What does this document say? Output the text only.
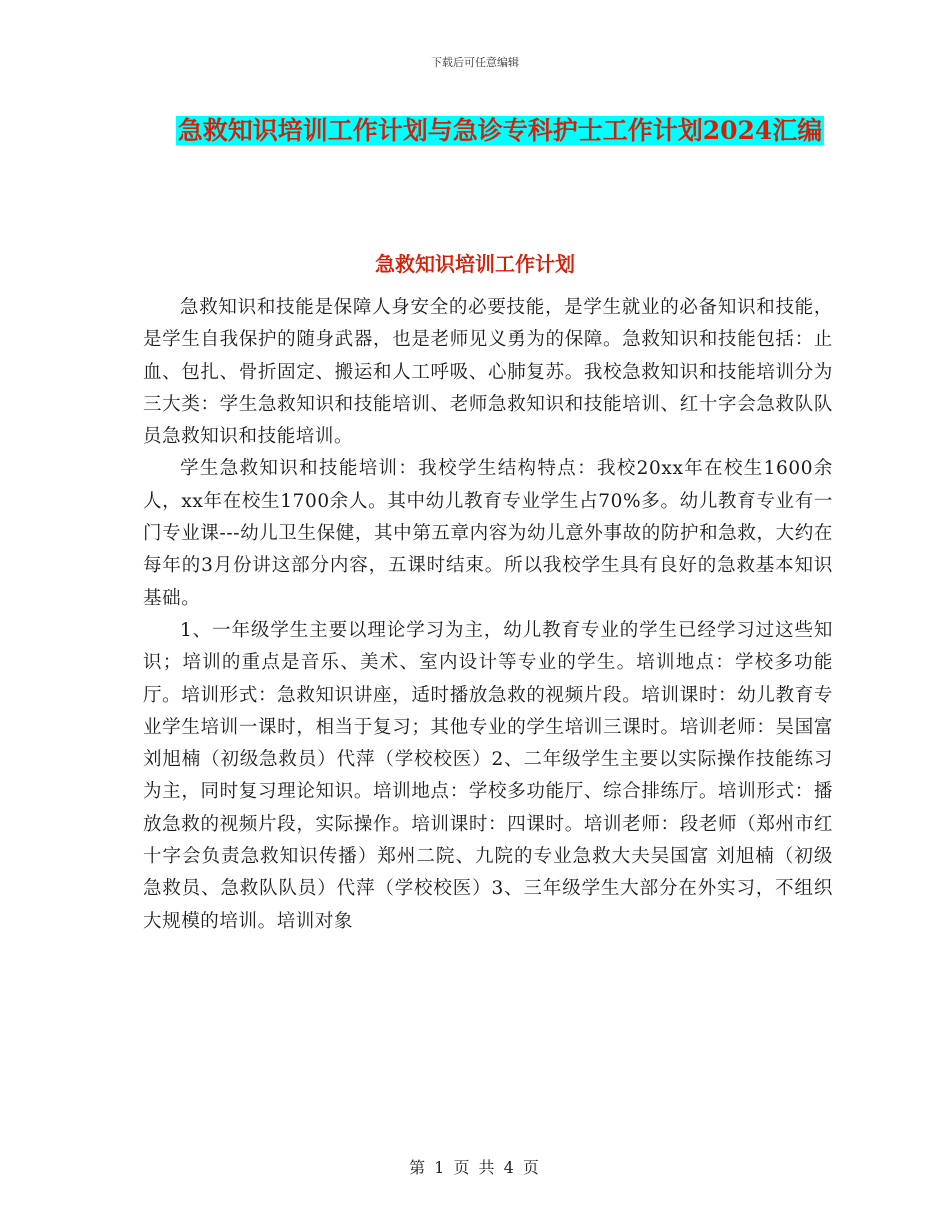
下载后可任意编辑
急救知识培训工作计划与急诊专科护士工作计划2024汇编
急救知识培训工作计划

急救知识和技能是保障人身安全的必要技能，是学生就业的必备知识和技能，是学生自我保护的随身武器，也是老师见义勇为的保障。急救知识和技能包括：止血、包扎、骨折固定、搬运和人工呼吸、心肺复苏。我校急救知识和技能培训分为三大类：学生急救知识和技能培训、老师急救知识和技能培训、红十字会急救队队员急救知识和技能培训。

学生急救知识和技能培训：我校学生结构特点：我校20xx年在校生1600余人，xx年在校生1700余人。其中幼儿教育专业学生占70%多。幼儿教育专业有一门专业课---幼儿卫生保健，其中第五章内容为幼儿意外事故的防护和急救，大约在每年的3月份讲这部分内容，五课时结束。所以我校学生具有良好的急救基本知识基础。

1、一年级学生主要以理论学习为主，幼儿教育专业的学生已经学习过这些知识；培训的重点是音乐、美术、室内设计等专业的学生。培训地点：学校多功能厅。培训形式：急救知识讲座，适时播放急救的视频片段。培训课时：幼儿教育专业学生培训一课时，相当于复习；其他专业的学生培训三课时。培训老师：吴国富 刘旭楠（初级急救员）代萍（学校校医）2、二年级学生主要以实际操作技能练习为主，同时复习理论知识。培训地点：学校多功能厅、综合排练厅。培训形式：播放急救的视频片段，实际操作。培训课时：四课时。培训老师：段老师（郑州市红十字会负责急救知识传播）郑州二院、九院的专业急救大夫吴国富 刘旭楠（初级急救员、急救队队员）代萍（学校校医）3、三年级学生大部分在外实习，不组织大规模的培训。培训对象

第 1 页 共 4 页
